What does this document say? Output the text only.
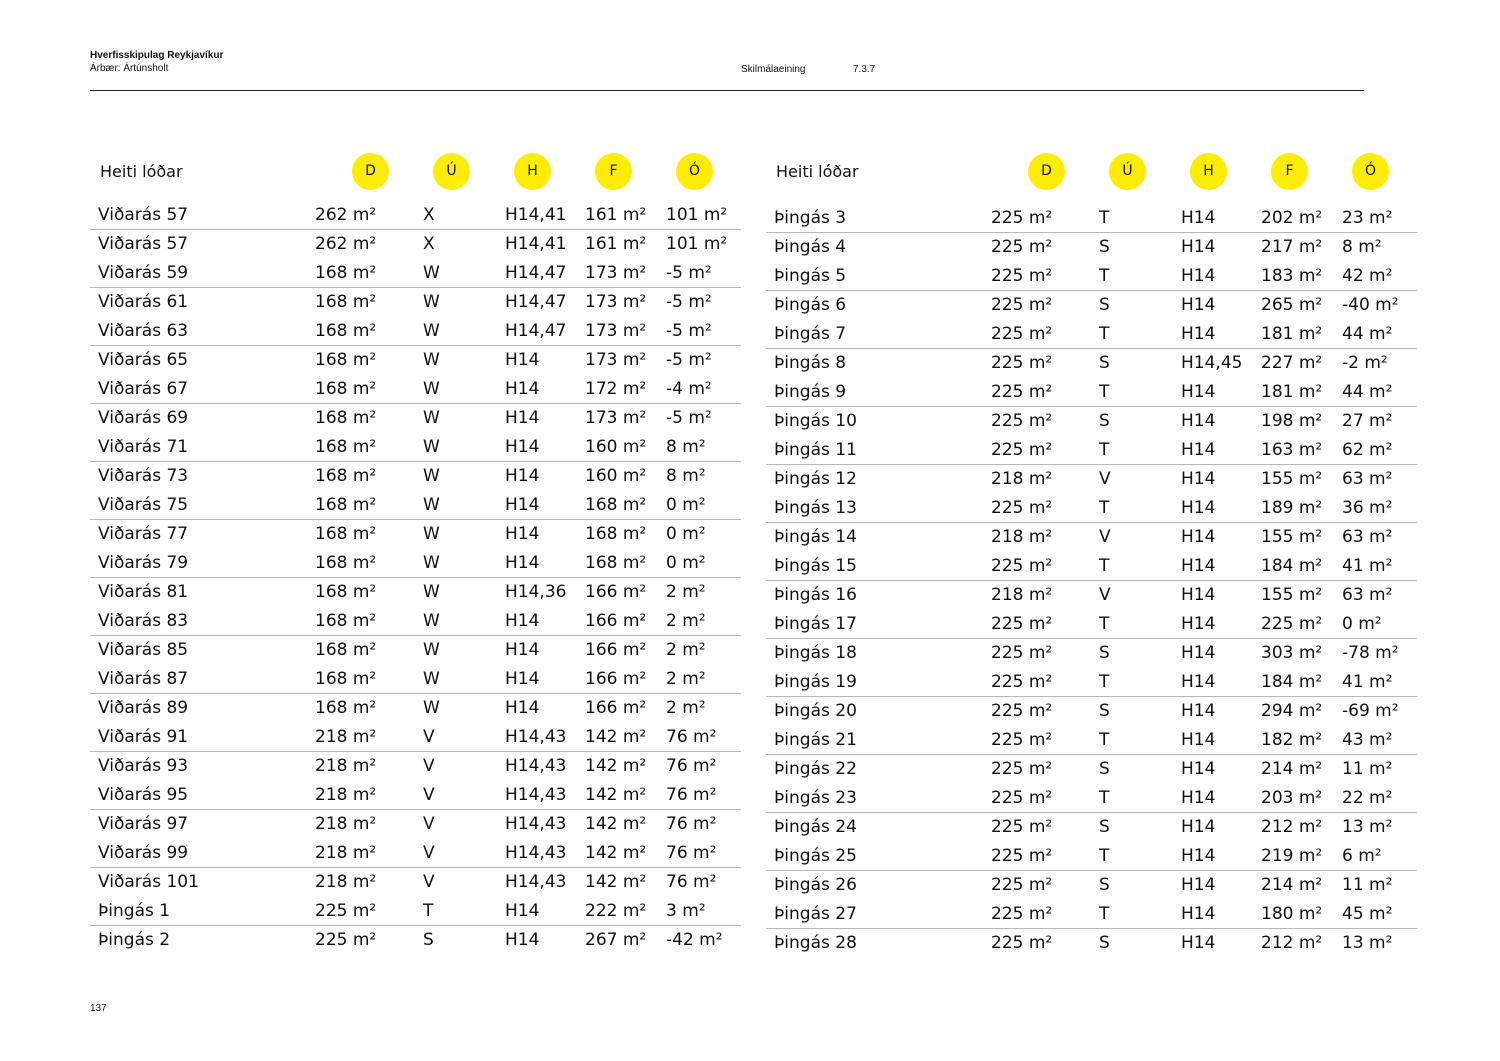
Hverfisskipulag Reykjavíkur
Árbær: Ártúnsholt	Skilmálaeining	7.3.7
Heiti lóðar	D	Ú	H	F	Ó
Viðarás 57	262 m²	X	H14,41 161 m² 101 m²
Viðarás 57	262 m²	X	H14,41 161 m² 101 m²
Viðarás 59	168 m²	W	H14,47 173 m² -5 m²
Viðarás 61	168 m²	W	H14,47 173 m² -5 m²
Viðarás 63	168 m²	W	H14,47 173 m² -5 m²
Viðarás 65	168 m²	W	H14	173 m² -5 m²
Viðarás 67	168 m²	W	H14	172 m² -4 m²
Viðarás 69	168 m²	W	H14	173 m² -5 m²
Viðarás 71	168 m²	W	H14	160 m² 8 m²
Viðarás 73	168 m²	W	H14	160 m² 8 m²
Viðarás 75	168 m²	W	H14	168 m² 0 m²
Viðarás 77	168 m²	W	H14	168 m² 0 m²
Viðarás 79	168 m²	W	H14	168 m² 0 m²
Viðarás 81	168 m²	W	H14,36 166 m² 2 m²
Viðarás 83	168 m²	W	H14	166 m² 2 m²
Viðarás 85	168 m²	W	H14	166 m² 2 m²
Viðarás 87	168 m²	W	H14	166 m² 2 m²
Viðarás 89	168 m²	W	H14	166 m² 2 m²
Viðarás 91	218 m²	V	H14,43 142 m² 76 m²
Viðarás 93	218 m²	V	H14,43 142 m² 76 m²
Viðarás 95	218 m²	V	H14,43 142 m² 76 m²
Viðarás 97	218 m²	V	H14,43 142 m² 76 m²
Viðarás 99	218 m²	V	H14,43 142 m² 76 m²
Viðarás 101	218 m²	V	H14,43 142 m² 76 m²
Þingás 1	225 m²	T	H14	222 m² 3 m²
Þingás 2	225 m²	S	H14	267 m² -42 m²
Heiti lóðar	D	Ú	H	F	Ó
Þingás 3	225 m²	T	H14	202 m² 23 m²
Þingás 4	225 m²	S	H14	217 m² 8 m²
Þingás 5	225 m²	T	H14	183 m² 42 m²
Þingás 6	225 m²	S	H14	265 m² -40 m²
Þingás 7	225 m²	T	H14	181 m² 44 m²
Þingás 8	225 m²	S	H14,45 227 m² -2 m²
Þingás 9	225 m²	T	H14	181 m² 44 m²
Þingás 10	225 m²	S	H14	198 m² 27 m²
Þingás 11	225 m²	T	H14	163 m² 62 m²
Þingás 12	218 m²	V	H14	155 m² 63 m²
Þingás 13	225 m²	T	H14	189 m² 36 m²
Þingás 14	218 m²	V	H14	155 m² 63 m²
Þingás 15	225 m²	T	H14	184 m² 41 m²
Þingás 16	218 m²	V	H14	155 m² 63 m²
Þingás 17	225 m²	T	H14	225 m² 0 m²
Þingás 18	225 m²	S	H14	303 m² -78 m²
Þingás 19	225 m²	T	H14	184 m² 41 m²
Þingás 20	225 m²	S	H14	294 m² -69 m²
Þingás 21	225 m²	T	H14	182 m² 43 m²
Þingás 22	225 m²	S	H14	214 m² 11 m²
Þingás 23	225 m²	T	H14	203 m² 22 m²
Þingás 24	225 m²	S	H14	212 m² 13 m²
Þingás 25	225 m²	T	H14	219 m² 6 m²
Þingás 26	225 m²	S	H14	214 m² 11 m²
Þingás 27	225 m²	T	H14	180 m² 45 m²
Þingás 28	225 m²	S	H14	212 m² 13 m²
137
